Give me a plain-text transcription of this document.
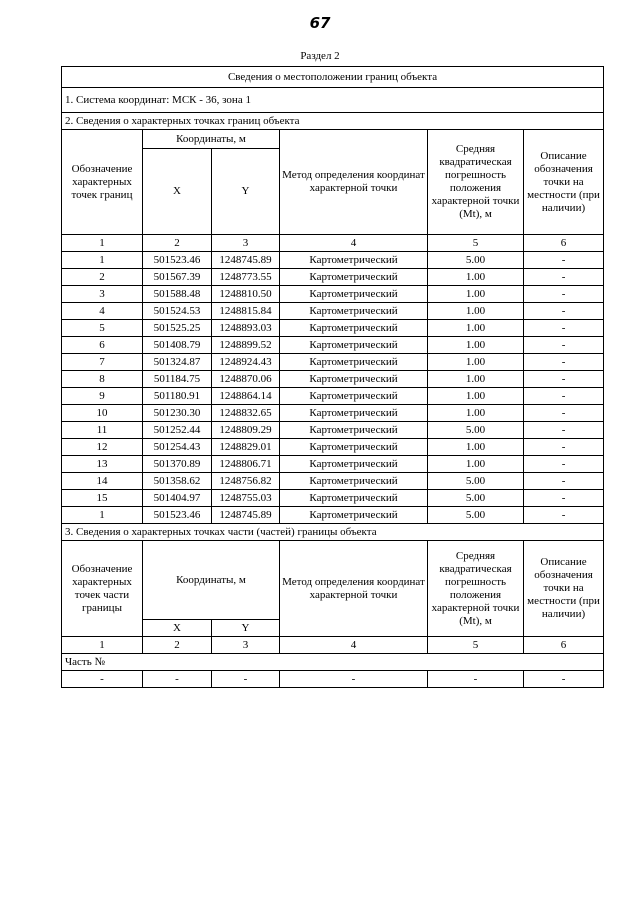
67
Раздел 2
Сведения о местоположении границ объекта					
1. Система координат: МСК - 36, зона 1					
2. Сведения о характерных точках границ объекта					
Обозначение характерных точек границ	Координаты, м		Метод определения координат характерной точки	Средняя квадратическая погрешность положения характерной точки (Mt), м	Описание обозначения точки на местности (при наличии)
	X	Y			
1	2	3	4	5	6
1	501523.46	1248745.89	Картометрический	5.00	-
2	501567.39	1248773.55	Картометрический	1.00	-
3	501588.48	1248810.50	Картометрический	1.00	-
4	501524.53	1248815.84	Картометрический	1.00	-
5	501525.25	1248893.03	Картометрический	1.00	-
6	501408.79	1248899.52	Картометрический	1.00	-
7	501324.87	1248924.43	Картометрический	1.00	-
8	501184.75	1248870.06	Картометрический	1.00	-
9	501180.91	1248864.14	Картометрический	1.00	-
10	501230.30	1248832.65	Картометрический	1.00	-
11	501252.44	1248809.29	Картометрический	5.00	-
12	501254.43	1248829.01	Картометрический	1.00	-
13	501370.89	1248806.71	Картометрический	1.00	-
14	501358.62	1248756.82	Картометрический	5.00	-
15	501404.97	1248755.03	Картометрический	5.00	-
1	501523.46	1248745.89	Картометрический	5.00	-
3. Сведения о характерных точках части (частей) границы объекта					
Обозначение характерных точек части границы	Координаты, м		Метод определения координат характерной точки	Средняя квадратическая погрешность положения характерной точки (Mt), м	Описание обозначения точки на местности (при наличии)
	X	Y			
1	2	3	4	5	6
Часть №					
-	-	-	-	-	-
